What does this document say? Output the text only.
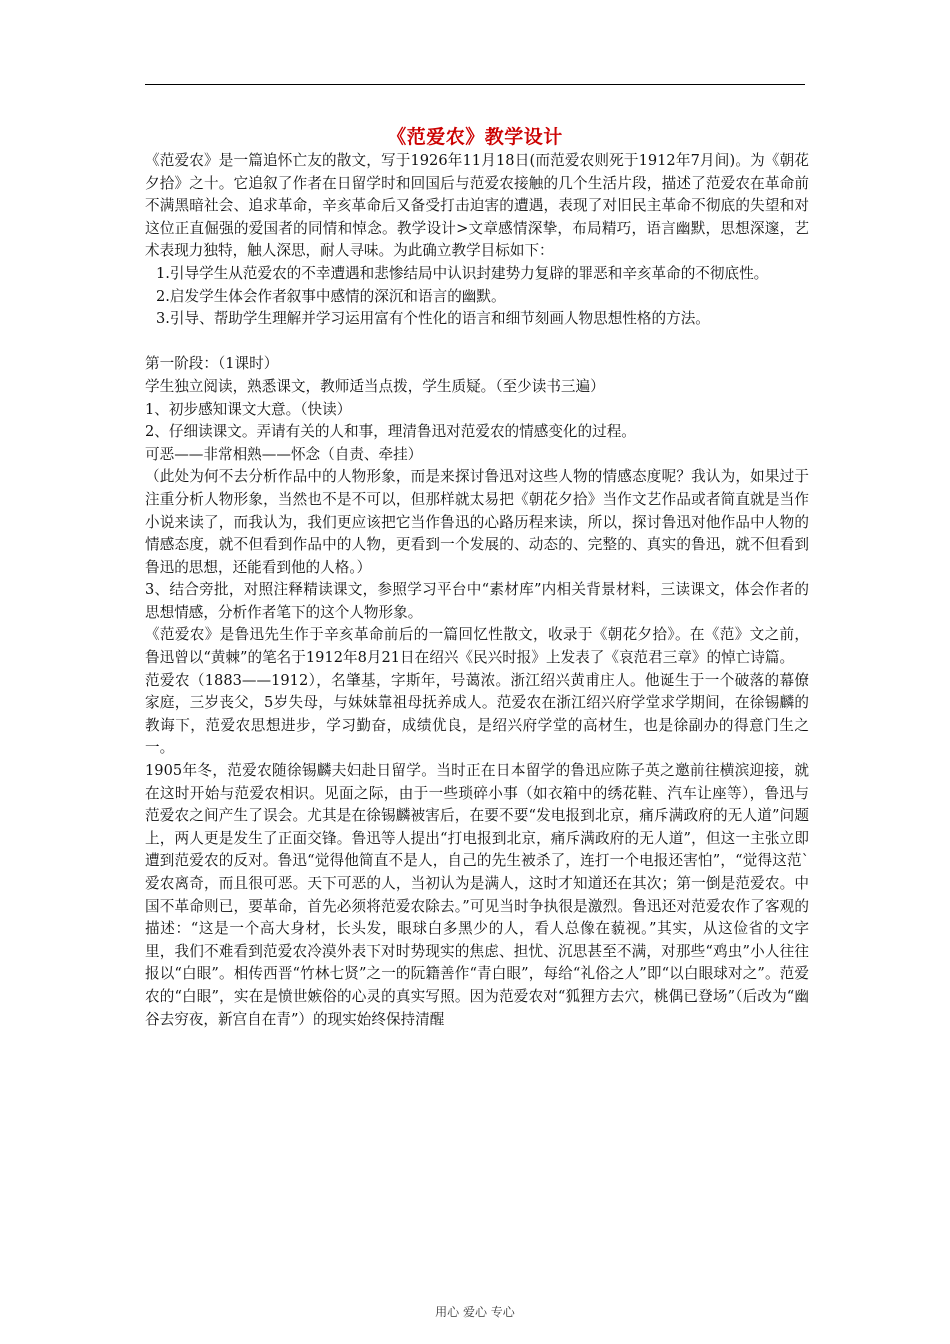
《范爱农》教学设计

《范爱农》是一篇追怀亡友的散文，写于1926年11月18日(而范爱农则死于1912年7月间)。为《朝花夕拾》之十。它追叙了作者在日留学时和回国后与范爱农接触的几个生活片段，描述了范爱农在革命前不满黑暗社会、追求革命，辛亥革命后又备受打击迫害的遭遇，表现了对旧民主革命不彻底的失望和对这位正直倔强的爱国者的同情和悼念。教学设计>文章感情深挚，布局精巧，语言幽默，思想深邃，艺术表现力独特，触人深思，耐人寻味。为此确立教学目标如下：

1.引导学生从范爱农的不幸遭遇和悲惨结局中认识封建势力复辟的罪恶和辛亥革命的不彻底性。

2.启发学生体会作者叙事中感情的深沉和语言的幽默。

3.引导、帮助学生理解并学习运用富有个性化的语言和细节刻画人物思想性格的方法。

第一阶段：（1课时）

学生独立阅读，熟悉课文，教师适当点拨，学生质疑。（至少读书三遍）

1、初步感知课文大意。（快读）

2、仔细读课文。弄请有关的人和事，理清鲁迅对范爱农的情感变化的过程。

可恶——非常相熟——怀念（自责、牵挂）

（此处为何不去分析作品中的人物形象，而是来探讨鲁迅对这些人物的情感态度呢？我认为，如果过于注重分析人物形象，当然也不是不可以，但那样就太易把《朝花夕拾》当作文艺作品或者简直就是当作小说来读了，而我认为，我们更应该把它当作鲁迅的心路历程来读，所以，探讨鲁迅对他作品中人物的情感态度，就不但看到作品中的人物，更看到一个发展的、动态的、完整的、真实的鲁迅，就不但看到鲁迅的思想，还能看到他的人格。）

3、结合旁批，对照注释精读课文，参照学习平台中“素材库”内相关背景材料，三读课文，体会作者的思想情感，分析作者笔下的这个人物形象。

《范爱农》是鲁迅先生作于辛亥革命前后的一篇回忆性散文，收录于《朝花夕拾》。在《范》文之前，鲁迅曾以“黄棘”的笔名于1912年8月21日在绍兴《民兴时报》上发表了《哀范君三章》的悼亡诗篇。

范爱农（1883——1912），名肇基，字斯年，号蔼浓。浙江绍兴黄甫庄人。他诞生于一个破落的幕僚家庭，三岁丧父，5岁失母，与妹妹靠祖母抚养成人。范爱农在浙江绍兴府学堂求学期间，在徐锡麟的教诲下，范爱农思想进步，学习勤奋，成绩优良，是绍兴府学堂的高材生，也是徐副办的得意门生之一。

1905年冬，范爱农随徐锡麟夫妇赴日留学。当时正在日本留学的鲁迅应陈子英之邀前往横滨迎接，就在这时开始与范爱农相识。见面之际，由于一些琐碎小事（如衣箱中的绣花鞋、汽车让座等），鲁迅与范爱农之间产生了误会。尤其是在徐锡麟被害后，在要不要“发电报到北京，痛斥满政府的无人道”问题上，两人更是发生了正面交锋。鲁迅等人提出“打电报到北京，痛斥满政府的无人道”，但这一主张立即遭到范爱农的反对。鲁迅“觉得他简直不是人，自己的先生被杀了，连打一个电报还害怕”，“觉得这范`爱农离奇，而且很可恶。天下可恶的人，当初认为是满人，这时才知道还在其次；第一倒是范爱农。中国不革命则已，要革命，首先必须将范爱农除去。”可见当时争执很是激烈。鲁迅还对范爱农作了客观的描述：“这是一个高大身材，长头发，眼球白多黑少的人，看人总像在藐视。”其实，从这俭省的文字里，我们不难看到范爱农冷漠外表下对时势现实的焦虑、担忧、沉思甚至不满，对那些“鸡虫”小人往往报以“白眼”。相传西晋“竹林七贤”之一的阮籍善作“青白眼”，每给“礼俗之人”即“以白眼球对之”。范爱农的“白眼”，实在是愤世嫉俗的心灵的真实写照。因为范爱农对“狐狸方去穴，桃偶已登场”（后改为“幽谷去穷夜，新宫自在青”）的现实始终保持清醒

用心 爱心 专心
